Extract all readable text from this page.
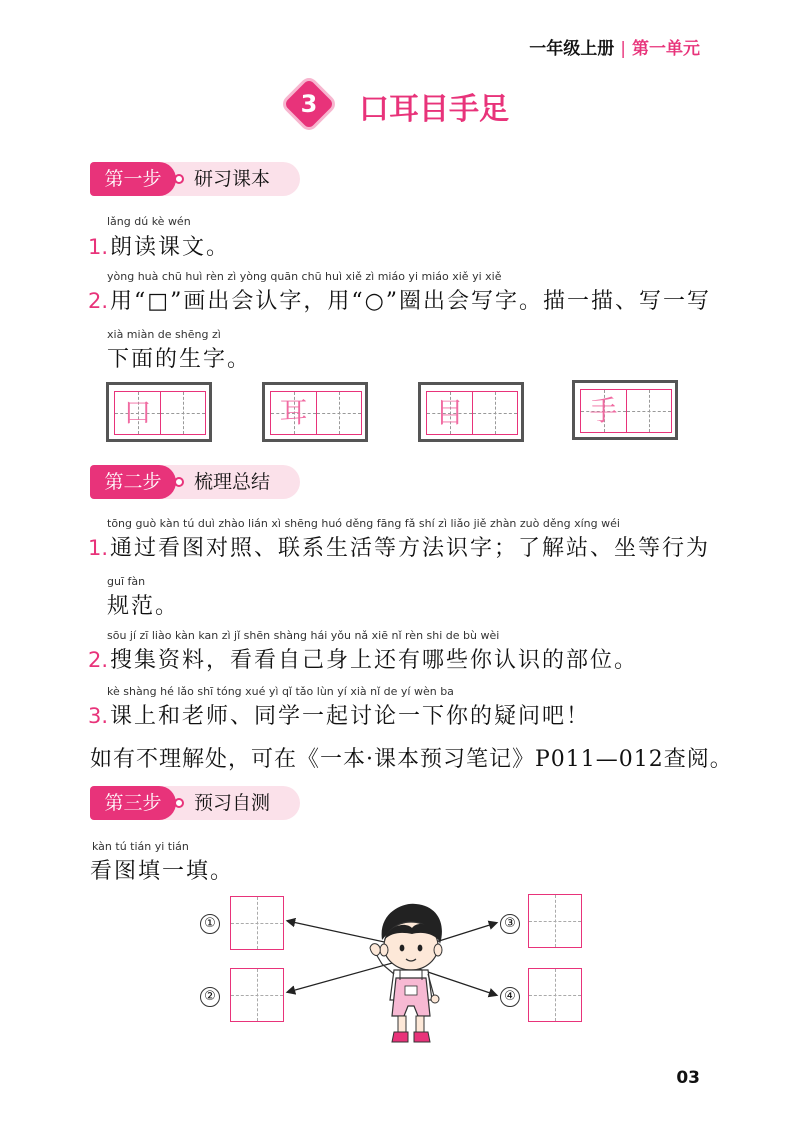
一年级上册 | 第一单元
3	口耳目手足
第一步	研习课本
lǎng dú kè wén
1.朗读课文。
yòng huà chū huì rèn zì yòng quān chū huì xiě zì miáo yi miáo xiě yi xiě
2.用“□”画出会认字，用“○”圈出会写字。描一描、写一写
xià miàn de shēng zì
下面的生字。
口	耳	目	手
第二步	梳理总结
tōng guò kàn tú duì zhào lián xì shēng huó děng fāng fǎ shí zì liǎo jiě zhàn zuò děng xíng wéi
1.通过看图对照、联系生活等方法识字；了解站、坐等行为
guī fàn
规范。
sōu jí zī liào kàn kan zì jǐ shēn shàng hái yǒu nǎ xiē nǐ rèn shi de bù wèi
2.搜集资料，看看自己身上还有哪些你认识的部位。
kè shàng hé lǎo shī tóng xué yì qǐ tǎo lùn yí xià nǐ de yí wèn ba
3.课上和老师、同学一起讨论一下你的疑问吧！
如有不理解处，可在《一本·课本预习笔记》P011—012查阅。
第三步	预习自测
kàn tú tián yi tián
看图填一填。
①
②
③
④
03
